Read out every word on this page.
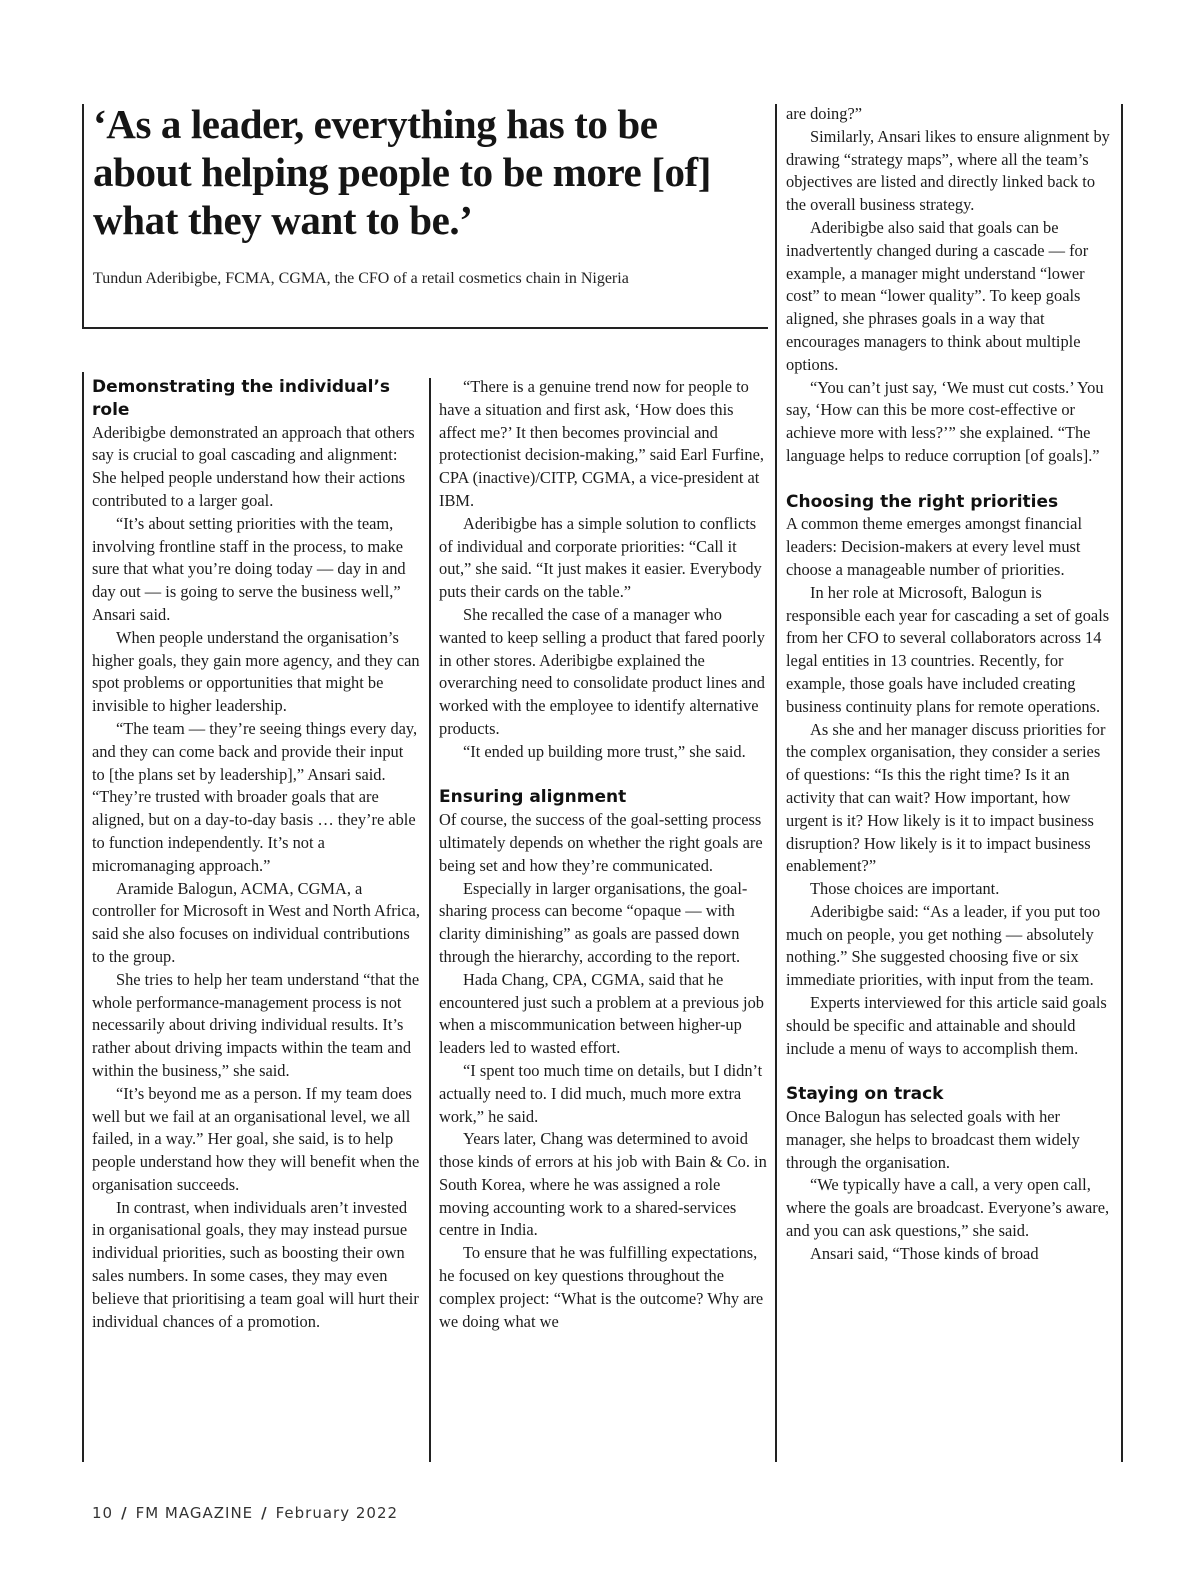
‘As a leader, everything has to be about helping people to be more [of] what they want to be.’
Tundun Aderibigbe, FCMA, CGMA, the CFO of a retail cosmetics chain in Nigeria
Demonstrating the individual’s role

Aderibigbe demonstrated an approach that others say is crucial to goal cascading and alignment: She helped people understand how their actions contributed to a larger goal.

“It’s about setting priorities with the team, involving frontline staff in the process, to make sure that what you’re doing today — day in and day out — is going to serve the business well,” Ansari said.

When people understand the organisation’s higher goals, they gain more agency, and they can spot problems or opportunities that might be invisible to higher leadership.

“The team — they’re seeing things every day, and they can come back and provide their input to [the plans set by leadership],” Ansari said. “They’re trusted with broader goals that are aligned, but on a day-to-day basis … they’re able to function independently. It’s not a micromanaging approach.”

Aramide Balogun, ACMA, CGMA, a controller for Microsoft in West and North Africa, said she also focuses on individual contributions to the group.

She tries to help her team understand “that the whole performance-management process is not necessarily about driving individual results. It’s rather about driving impacts within the team and within the business,” she said.

“It’s beyond me as a person. If my team does well but we fail at an organisational level, we all failed, in a way.” Her goal, she said, is to help people understand how they will benefit when the organisation succeeds.

In contrast, when individuals aren’t invested in organisational goals, they may instead pursue individual priorities, such as boosting their own sales numbers. In some cases, they may even believe that prioritising a team goal will hurt their individual chances of a promotion.

“There is a genuine trend now for people to have a situation and first ask, ‘How does this affect me?’ It then becomes provincial and protectionist decision-making,” said Earl Furfine, CPA (inactive)/CITP, CGMA, a vice-president at IBM.

Aderibigbe has a simple solution to conflicts of individual and corporate priorities: “Call it out,” she said. “It just makes it easier. Everybody puts their cards on the table.”

She recalled the case of a manager who wanted to keep selling a product that fared poorly in other stores. Aderibigbe explained the overarching need to consolidate product lines and worked with the employee to identify alternative products.

“It ended up building more trust,” she said.

Ensuring alignment

Of course, the success of the goal-setting process ultimately depends on whether the right goals are being set and how they’re communicated.

Especially in larger organisations, the goal-sharing process can become “opaque — with clarity diminishing” as goals are passed down through the hierarchy, according to the report.

Hada Chang, CPA, CGMA, said that he encountered just such a problem at a previous job when a miscommunication between higher-up leaders led to wasted effort.

“I spent too much time on details, but I didn’t actually need to. I did much, much more extra work,” he said.

Years later, Chang was determined to avoid those kinds of errors at his job with Bain & Co. in South Korea, where he was assigned a role moving accounting work to a shared-services centre in India.

To ensure that he was fulfilling expectations, he focused on key questions throughout the complex project: “What is the outcome? Why are we doing what we

are doing?”

Similarly, Ansari likes to ensure alignment by drawing “strategy maps”, where all the team’s objectives are listed and directly linked back to the overall business strategy.

Aderibigbe also said that goals can be inadvertently changed during a cascade — for example, a manager might understand “lower cost” to mean “lower quality”. To keep goals aligned, she phrases goals in a way that encourages managers to think about multiple options.

“You can’t just say, ‘We must cut costs.’ You say, ‘How can this be more cost-effective or achieve more with less?’” she explained. “The language helps to reduce corruption [of goals].”

Choosing the right priorities

A common theme emerges amongst financial leaders: Decision-makers at every level must choose a manageable number of priorities.

In her role at Microsoft, Balogun is responsible each year for cascading a set of goals from her CFO to several collaborators across 14 legal entities in 13 countries. Recently, for example, those goals have included creating business continuity plans for remote operations.

As she and her manager discuss priorities for the complex organisation, they consider a series of questions: “Is this the right time? Is it an activity that can wait? How important, how urgent is it? How likely is it to impact business disruption? How likely is it to impact business enablement?”

Those choices are important.

Aderibigbe said: “As a leader, if you put too much on people, you get nothing — absolutely nothing.” She suggested choosing five or six immediate priorities, with input from the team.

Experts interviewed for this article said goals should be specific and attainable and should include a menu of ways to accomplish them.

Staying on track

Once Balogun has selected goals with her manager, she helps to broadcast them widely through the organisation.

“We typically have a call, a very open call, where the goals are broadcast. Everyone’s aware, and you can ask questions,” she said.

Ansari said, “Those kinds of broad

10 / FM MAGAZINE / February 2022
